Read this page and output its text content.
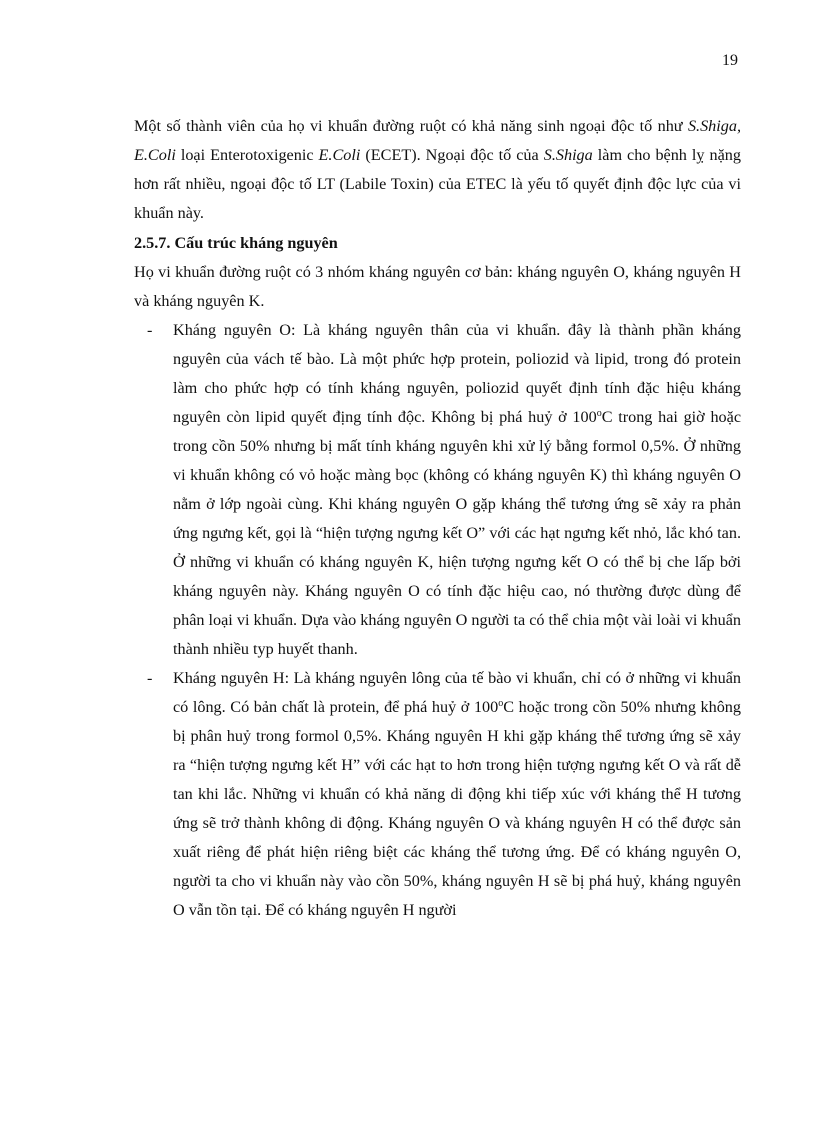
19

Một số thành viên của họ vi khuẩn đường ruột có khả năng sinh ngoại độc tố như S.Shiga, E.Coli loại Enterotoxigenic E.Coli (ECET). Ngoại độc tố của S.Shiga làm cho bệnh lỵ nặng hơn rất nhiều, ngoại độc tố LT (Labile Toxin) của ETEC là yếu tố quyết định độc lực của vi khuẩn này.

2.5.7. Cấu trúc kháng nguyên

Họ vi khuẩn đường ruột có 3 nhóm kháng nguyên cơ bản: kháng nguyên O, kháng nguyên H và kháng nguyên K.

- Kháng nguyên O: Là kháng nguyên thân của vi khuẩn. đây là thành phần kháng nguyên của vách tế bào. Là một phức hợp protein, poliozid và lipid, trong đó protein làm cho phức hợp có tính kháng nguyên, poliozid quyết định tính đặc hiệu kháng nguyên còn lipid quyết địng tính độc. Không bị phá huỷ ở 100$^o$C trong hai giờ hoặc trong cồn 50% nhưng bị mất tính kháng nguyên khi xử lý bằng formol 0,5%. Ở những vi khuẩn không có vỏ hoặc màng bọc (không có kháng nguyên K) thì kháng nguyên O nằm ở lớp ngoài cùng. Khi kháng nguyên O gặp kháng thể tương ứng sẽ xảy ra phản ứng ngưng kết, gọi là “hiện tượng ngưng kết O” với các hạt ngưng kết nhỏ, lắc khó tan. Ở những vi khuẩn có kháng nguyên K, hiện tượng ngưng kết O có thể bị che lấp bởi kháng nguyên này. Kháng nguyên O có tính đặc hiệu cao, nó thường được dùng để phân loại vi khuẩn. Dựa vào kháng nguyên O người ta có thể chia một vài loài vi khuẩn thành nhiều typ huyết thanh.
- Kháng nguyên H: Là kháng nguyên lông của tế bào vi khuẩn, chỉ có ở những vi khuẩn có lông. Có bản chất là protein, để phá huỷ ở 100$^o$C hoặc trong cồn 50% nhưng không bị phân huỷ trong formol 0,5%. Kháng nguyên H khi gặp kháng thể tương ứng sẽ xảy ra “hiện tượng ngưng kết H” với các hạt to hơn trong hiện tượng ngưng kết O và rất dễ tan khi lắc. Những vi khuẩn có khả năng di động khi tiếp xúc với kháng thể H tương ứng sẽ trở thành không di động. Kháng nguyên O và kháng nguyên H có thể được sản xuất riêng để phát hiện riêng biệt các kháng thể tương ứng. Để có kháng nguyên O, người ta cho vi khuẩn này vào cồn 50%, kháng nguyên H sẽ bị phá huỷ, kháng nguyên O vẫn tồn tại. Để có kháng nguyên H người
